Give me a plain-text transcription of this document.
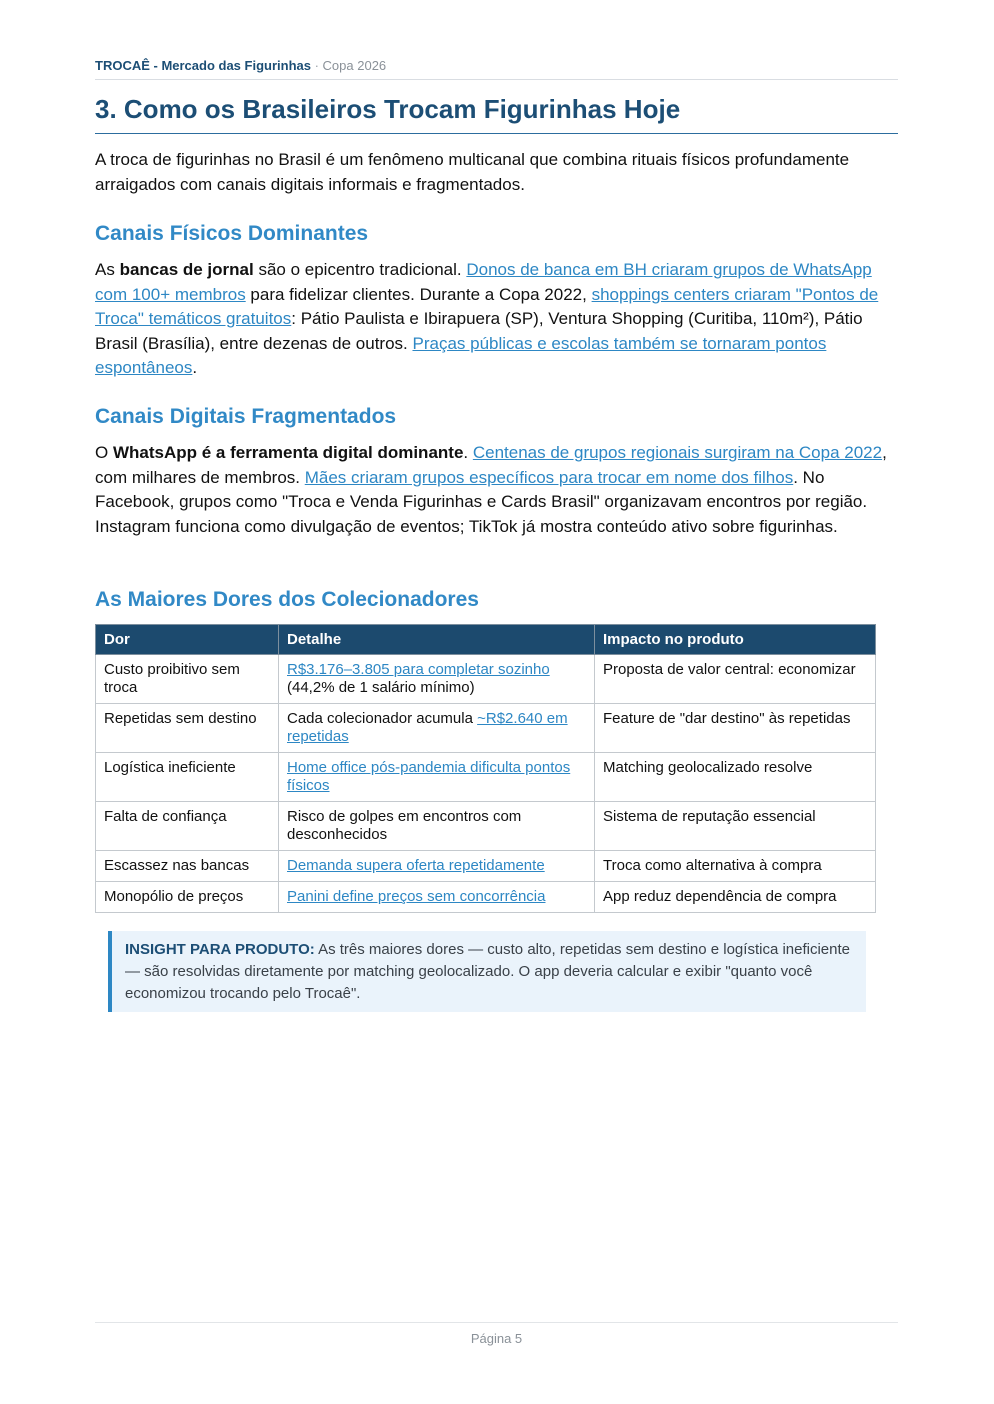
TROCAÊ - Mercado das Figurinhas · Copa 2026
3. Como os Brasileiros Trocam Figurinhas Hoje

A troca de figurinhas no Brasil é um fenômeno multicanal que combina rituais físicos profundamente arraigados com canais digitais informais e fragmentados.

Canais Físicos Dominantes

As bancas de jornal são o epicentro tradicional. Donos de banca em BH criaram grupos de WhatsApp com 100+ membros para fidelizar clientes. Durante a Copa 2022, shoppings centers criaram "Pontos de Troca" temáticos gratuitos: Pátio Paulista e Ibirapuera (SP), Ventura Shopping (Curitiba, 110m²), Pátio Brasil (Brasília), entre dezenas de outros. Praças públicas e escolas também se tornaram pontos espontâneos.

Canais Digitais Fragmentados

O WhatsApp é a ferramenta digital dominante. Centenas de grupos regionais surgiram na Copa 2022, com milhares de membros. Mães criaram grupos específicos para trocar em nome dos filhos. No Facebook, grupos como "Troca e Venda Figurinhas e Cards Brasil" organizavam encontros por região. Instagram funciona como divulgação de eventos; TikTok já mostra conteúdo ativo sobre figurinhas.

As Maiores Dores dos Colecionadores
Dor	Detalhe	Impacto no produto
Custo proibitivo sem troca	R$3.176–3.805 para completar sozinho (44,2% de 1 salário mínimo)	Proposta de valor central: economizar
Repetidas sem destino	Cada colecionador acumula ~R$2.640 em repetidas	Feature de "dar destino" às repetidas
Logística ineficiente	Home office pós-pandemia dificulta pontos físicos	Matching geolocalizado resolve
Falta de confiança	Risco de golpes em encontros com desconhecidos	Sistema de reputação essencial
Escassez nas bancas	Demanda supera oferta repetidamente	Troca como alternativa à compra
Monopólio de preços	Panini define preços sem concorrência	App reduz dependência de compra
INSIGHT PARA PRODUTO: As três maiores dores — custo alto, repetidas sem destino e logística ineficiente — são resolvidas diretamente por matching geolocalizado. O app deveria calcular e exibir "quanto você economizou trocando pelo Trocaê".
Página 5
